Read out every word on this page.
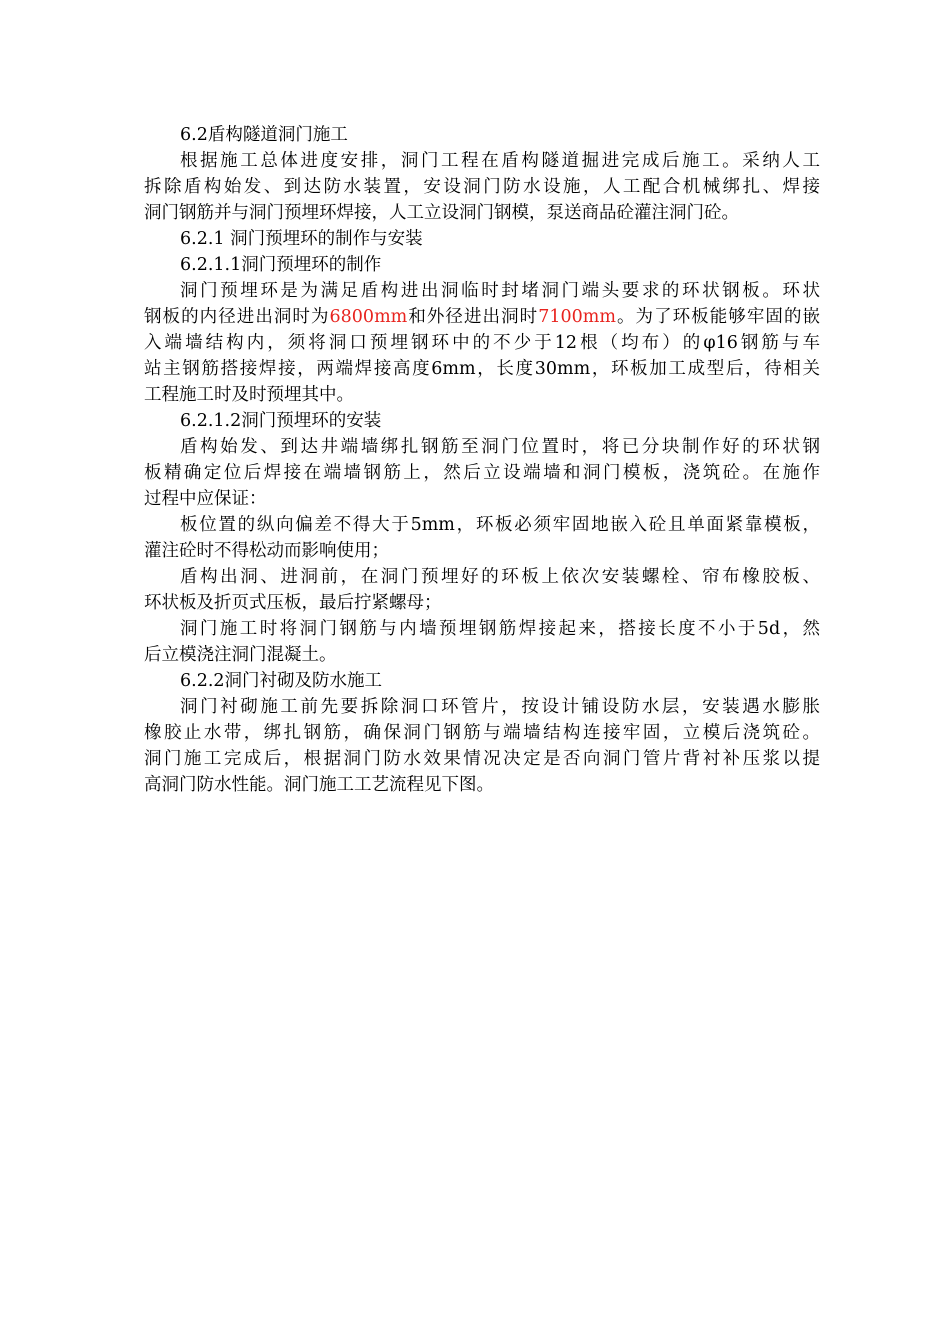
6.2盾构隧道洞门施工
根据施工总体进度安排，洞门工程在盾构隧道掘进完成后施工。采纳人工
拆除盾构始发、到达防水装置，安设洞门防水设施，人工配合机械绑扎、焊接
洞门钢筋并与洞门预埋环焊接，人工立设洞门钢模，泵送商品砼灌注洞门砼。
6.2.1 洞门预埋环的制作与安装
6.2.1.1洞门预埋环的制作
洞门预埋环是为满足盾构进出洞临时封堵洞门端头要求的环状钢板。环状
钢板的内径进出洞时为6800mm和外径进出洞时7100mm。为了环板能够牢固的嵌
入端墙结构内，须将洞口预埋钢环中的不少于12根（均布）的φ16钢筋与车
站主钢筋搭接焊接，两端焊接高度6mm，长度30mm，环板加工成型后，待相关
工程施工时及时预埋其中。
6.2.1.2洞门预埋环的安装
盾构始发、到达井端墙绑扎钢筋至洞门位置时，将已分块制作好的环状钢
板精确定位后焊接在端墙钢筋上，然后立设端墙和洞门模板，浇筑砼。在施作
过程中应保证：
板位置的纵向偏差不得大于5mm，环板必须牢固地嵌入砼且单面紧靠模板，
灌注砼时不得松动而影响使用；
盾构出洞、进洞前，在洞门预埋好的环板上依次安装螺栓、帘布橡胶板、
环状板及折页式压板，最后拧紧螺母；
洞门施工时将洞门钢筋与内墙预埋钢筋焊接起来，搭接长度不小于5d，然
后立模浇注洞门混凝土。
6.2.2洞门衬砌及防水施工
洞门衬砌施工前先要拆除洞口环管片，按设计铺设防水层，安装遇水膨胀
橡胶止水带，绑扎钢筋，确保洞门钢筋与端墙结构连接牢固，立模后浇筑砼。
洞门施工完成后，根据洞门防水效果情况决定是否向洞门管片背衬补压浆以提
高洞门防水性能。洞门施工工艺流程见下图。
